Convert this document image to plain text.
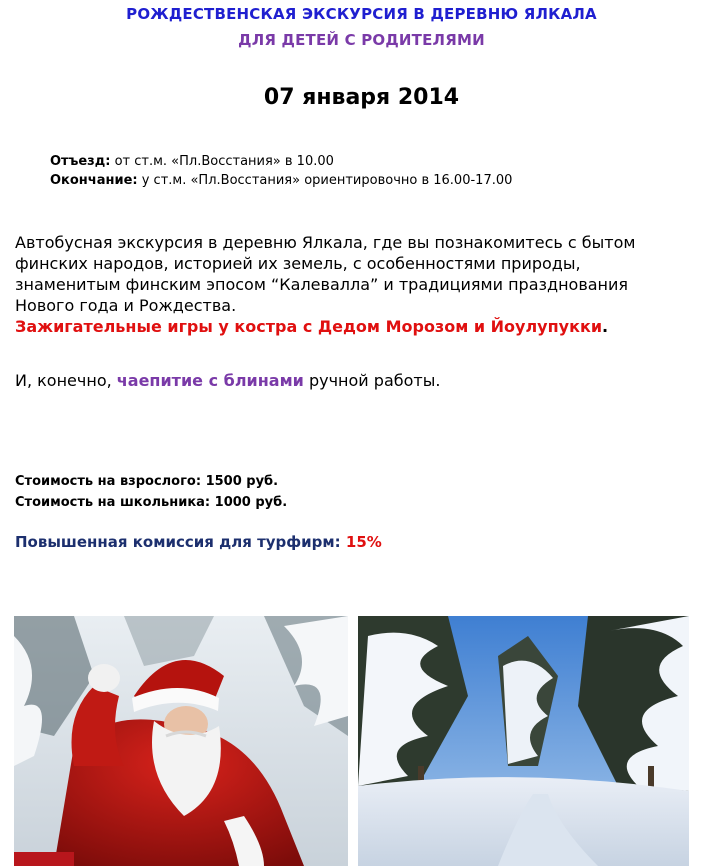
РОЖДЕСТВЕНСКАЯ ЭКСКУРСИЯ В ДЕРЕВНЮ ЯЛКАЛА
ДЛЯ ДЕТЕЙ С РОДИТЕЛЯМИ
07 января 2014
Отъезд: от ст.м. «Пл.Восстания» в 10.00
Окончание: у ст.м. «Пл.Восстания» ориентировочно в 16.00-17.00
Автобусная экскурсия в деревню Ялкала, где вы познакомитесь с бытом
финских народов, историей их земель, с особенностями природы,
знаменитым финским эпосом “Калевалла” и традициями празднования
Нового года и Рождества.
Зажигательные игры у костра с Дедом Морозом и Йоулупукки.
И, конечно, чаепитие с блинами ручной работы.
Стоимость на взрослого: 1500 руб.
Стоимость на школьника: 1000 руб.
Повышенная комиссия для турфирм: 15%
